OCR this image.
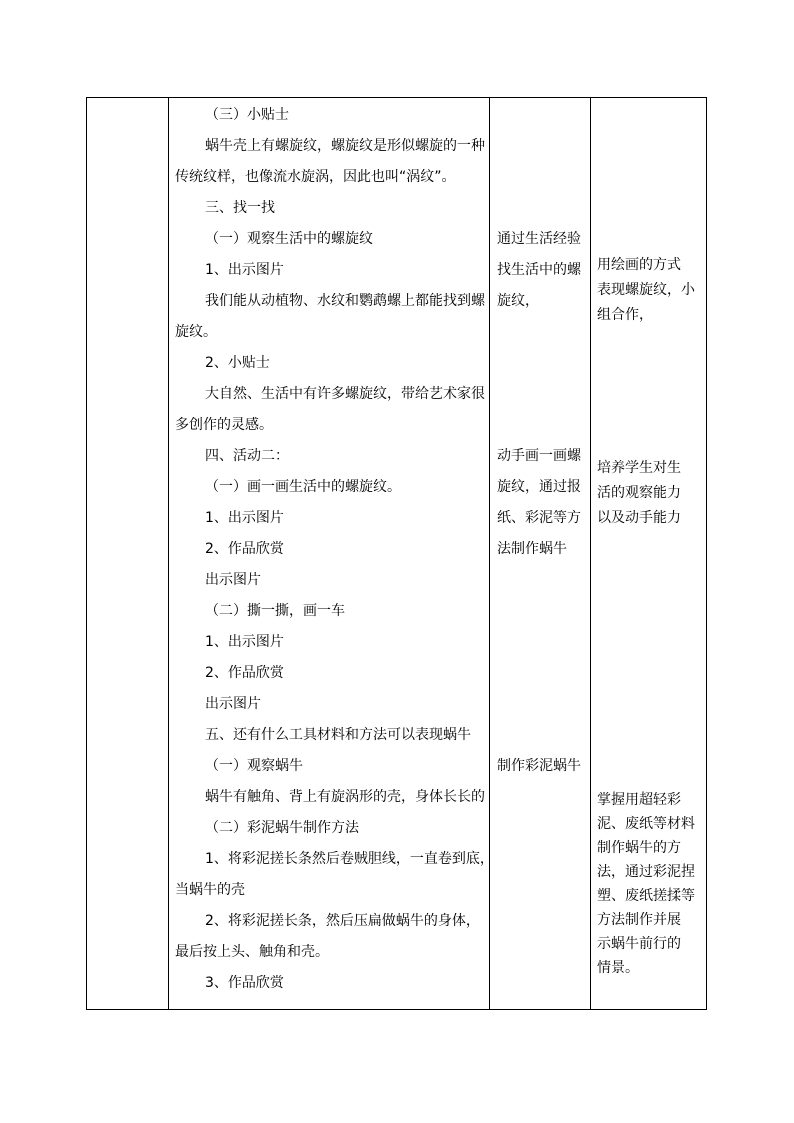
（三）小贴士
蜗牛壳上有螺旋纹，螺旋纹是形似螺旋的一种
传统纹样，也像流水旋涡，因此也叫“涡纹”。
三、找一找
（一）观察生活中的螺旋纹
1、出示图片
我们能从动植物、水纹和鹦鹉螺上都能找到螺
旋纹。
2、小贴士
大自然、生活中有许多螺旋纹，带给艺术家很
多创作的灵感。
四、活动二：
（一）画一画生活中的螺旋纹。
1、出示图片
2、作品欣赏
出示图片
（二）撕一撕，画一车
1、出示图片
2、作品欣赏
出示图片
五、还有什么工具材料和方法可以表现蜗牛
（一）观察蜗牛
蜗牛有触角、背上有旋涡形的壳，身体长长的
（二）彩泥蜗牛制作方法
1、将彩泥搓长条然后卷贼胆线，一直卷到底，
当蜗牛的壳
2、将彩泥搓长条，然后压扁做蜗牛的身体，
最后按上头、触角和壳。
3、作品欣赏
通过生活经验
找生活中的螺
旋纹，
动手画一画螺
旋纹，通过报
纸、彩泥等方
法制作蜗牛
制作彩泥蜗牛
用绘画的方式
表现螺旋纹，小
组合作，
培养学生对生
活的观察能力
以及动手能力
掌握用超轻彩
泥、废纸等材料
制作蜗牛的方
法，通过彩泥捏
塑、废纸搓揉等
方法制作并展
示蜗牛前行的
情景。
